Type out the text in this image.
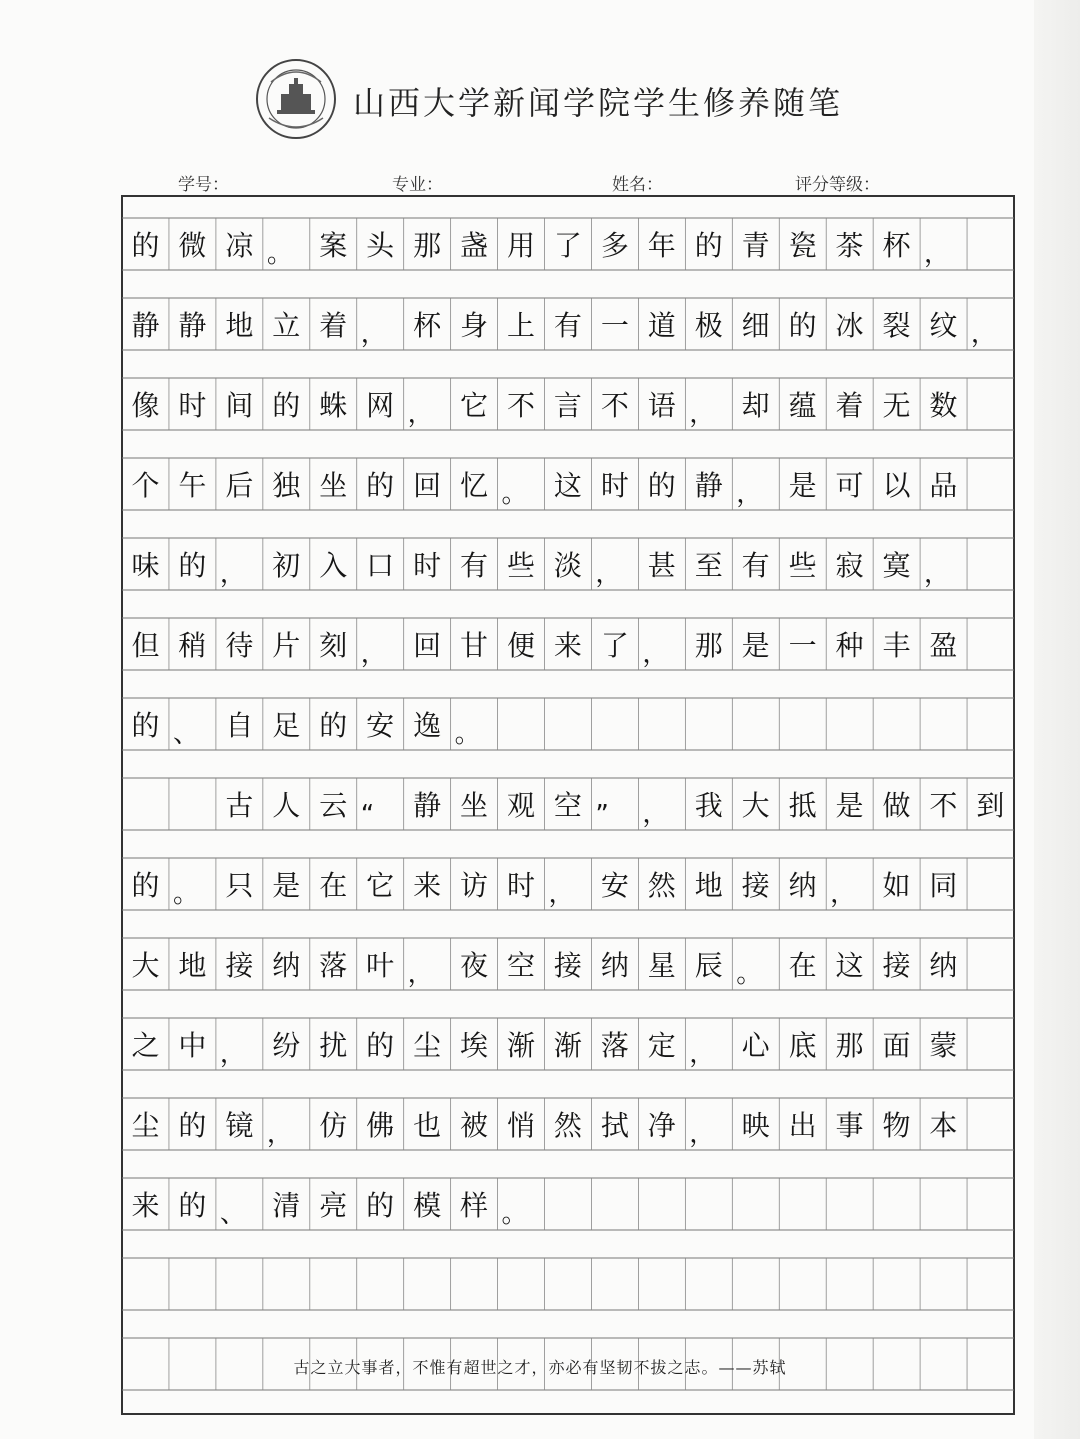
山西大学新闻学院学生修养随笔
学号：	专业：	姓名：	评分等级：
的 微 凉 。 案 头 那 盏 用 了 多 年 的 青 瓷 茶 杯 ，
静 静 地 立 着 ， 杯 身 上 有 一 道 极 细 的 冰 裂 纹 ，
像 时 间 的 蛛 网 ， 它 不 言 不 语 ， 却 蕴 着 无 数
个 午 后 独 坐 的 回 忆 。 这 时 的 静 ， 是 可 以 品
味 的 ， 初 入 口 时 有 些 淡 ， 甚 至 有 些 寂 寞 ，
但 稍 待 片 刻 ， 回 甘 便 来 了 ， 那 是 一 种 丰 盈
的 、 自 足 的 安 逸 。
古 人 云 “	静 坐 观 空 ”	， 我 大 抵 是 做 不 到
的 。 只 是 在 它 来 访 时 ， 安 然 地 接 纳 ， 如 同
大 地 接 纳 落 叶 ， 夜 空 接 纳 星 辰 。 在 这 接 纳
之 中 ， 纷 扰 的 尘 埃 渐 渐 落 定 ， 心 底 那 面 蒙
尘 的 镜 ， 仿 佛 也 被 悄 然 拭 净 ， 映 出 事 物 本
来 的 、 清 亮 的 模 样 。
古之立大事者，不惟有超世之才，亦必有坚韧不拔之志。——苏轼
